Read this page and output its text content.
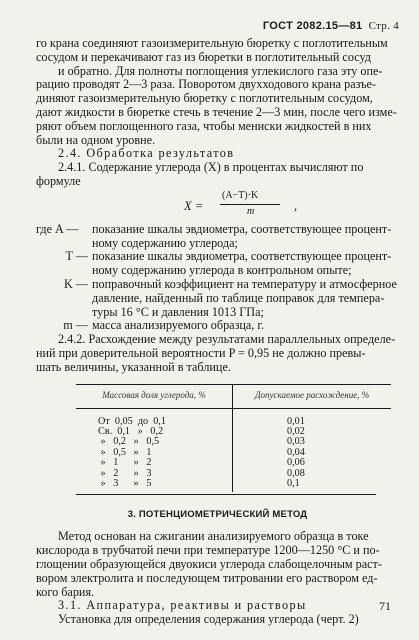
ГОСТ 2082.15—81 Стр. 4
го крана соединяют газоизмерительную бюретку с поглотительным
сосудом и перекачивают газ из бюретки в поглотительный сосуд
и обратно. Для полноты поглощения углекислого газа эту опе-
рацию проводят 2—3 раза. Поворотом двухходового крана разъе-
диняют газоизмерительную бюретку с поглотительным сосудом,
дают жидкости в бюретке стечь в течение 2—3 мин, после чего изме-
ряют объем поглощенного газа, чтобы мениски жидкостей в них
были на одном уровне.
2.4. Обработка результатов
2.4.1. Содержание углерода (X) в процентах вычисляют по
формуле
X =
(A−T)·K
m	,
где A —	показание шкалы эвдиометра, соответствующее процент-
ному содержанию углерода;
T — показание шкалы эвдиометра, соответствующее процент-
ному содержанию углерода в контрольном опыте;
K — поправочный коэффициент на температуру и атмосферное
давление, найденный по таблице поправок для темпера-
туры 16 °С и давления 1013 ГПа;
m — масса анализируемого образца, г.
2.4.2. Расхождение между результатами параллельных определе-
ний при доверительной вероятности P = 0,95 не должно превы-
шать величины, указанной в таблице.
Массовая доля углерода, %	Допускаемое расхождение, %
От  0,05  до  0,1	0,01
Св.  0,1   »   0,2	0,02
»   0,2   »   0,5	0,03
»   0,5   »   1	0,04
»   1      »   2	0,06
»   2      »   3	0,08
»   3      »   5	0,1
3. ПОТЕНЦИОМЕТРИЧЕСКИЙ МЕТОД
Метод основан на сжигании анализируемого образца в токе
кислорода в трубчатой печи при температуре 1200—1250 °С и по-
глощении образующейся двуокиси углерода слабощелочным раст-
вором электролита и последующем титровании его раствором ед-
кого бария.
3.1. Аппаратура, реактивы и растворы
Установка для определения содержания углерода (черт. 2)
71
